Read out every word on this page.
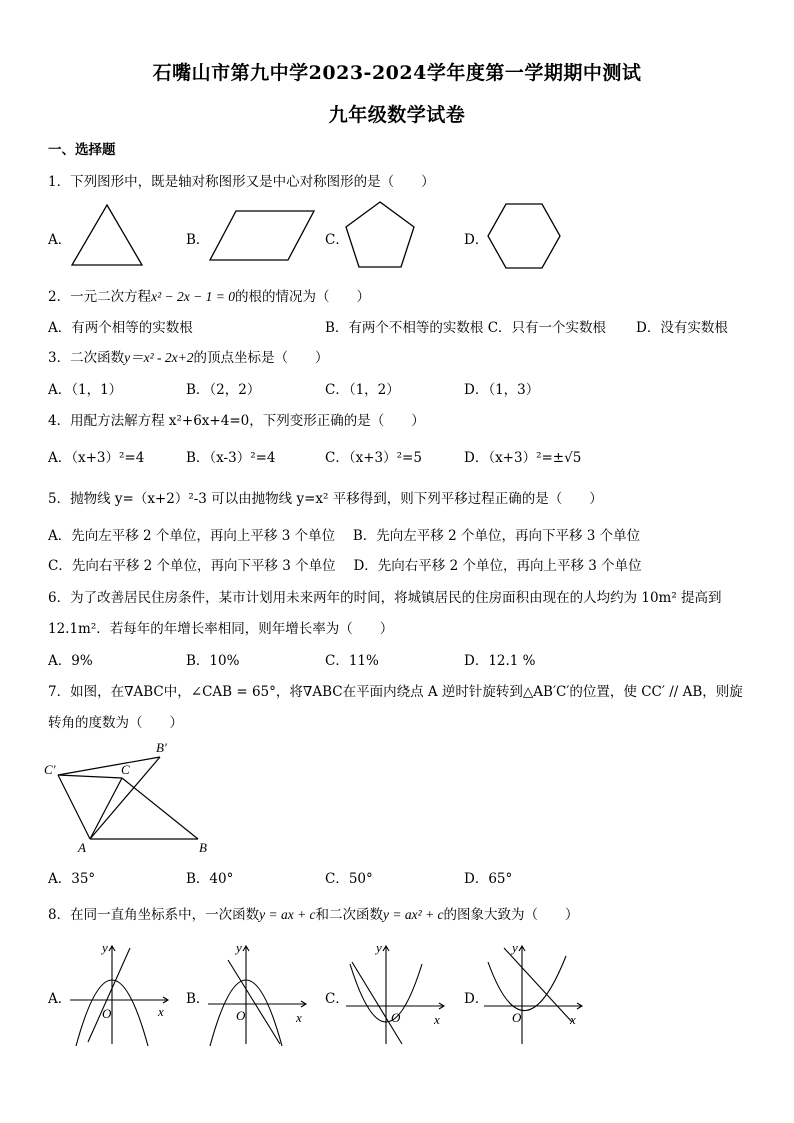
石嘴山市第九中学2023-2024学年度第一学期期中测试
九年级数学试卷
一、选择题
1．下列图形中，既是轴对称图形又是中心对称图形的是（　　）
A．	B．	C．	D．
2．一元二次方程x² − 2x − 1 = 0的根的情况为（　　）
A．有两个相等的实数根	B．有两个不相等的实数根 C．只有一个实数根 D．没有实数根
3．二次函数y＝x² - 2x+2的顶点坐标是（　　）
A．（1，1）	B．（2，2）	C．（1，2）	D．（1，3）
4．用配方法解方程 x²+6x+4=0，下列变形正确的是（　　）
A．（x+3）²=4	B．（x-3）²=4	C．（x+3）²=5	D．（x+3）²=±√5
5．抛物线 y=（x+2）²-3 可以由抛物线 y=x² 平移得到，则下列平移过程正确的是（　　）
A．先向左平移 2 个单位，再向上平移 3 个单位　 B．先向左平移 2 个单位，再向下平移 3 个单位
C．先向右平移 2 个单位，再向下平移 3 个单位　 D．先向右平移 2 个单位，再向上平移 3 个单位
6．为了改善居民住房条件，某市计划用未来两年的时间，将城镇居民的住房面积由现在的人均约为 10m² 提高到
12.1m²．若每年的年增长率相同，则年增长率为（　　）
A．9%	B．10%	C．11%	D．12.1 %
7．如图，在∇ABC中，∠CAB = 65°，将∇ABC在平面内绕点 A 逆时针旋转到△AB′C′的位置，使 CC′ // AB，则旋
转角的度数为（　　）
C′	C
B′
A	B
A．35°	B．40°	C．50°	D．65°
8．在同一直角坐标系中，一次函数y = ax + c和二次函数y = ax² + c的图象大致为（　　）
A．
y
x
O
B．
y
x
O
C．
y
x
O
D．
y
x
O
